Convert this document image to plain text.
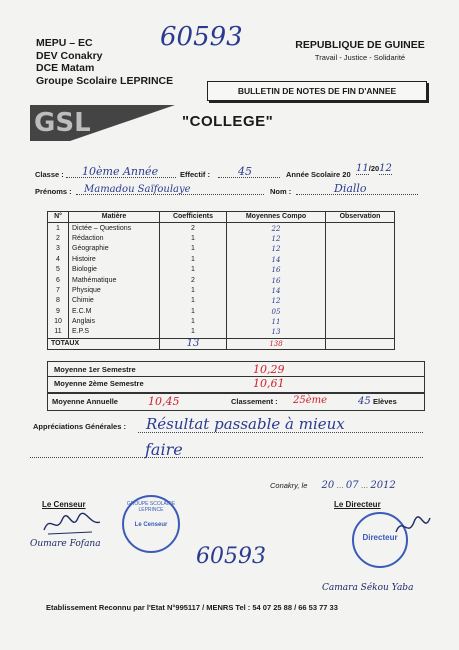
MEPU – EC
DEV Conakry
DCE Matam
Groupe Scolaire LEPRINCE
60593	REPUBLIQUE DE GUINEE
Travail - Justice - Solidarité
GSL
BULLETIN DE NOTES DE FIN D'ANNEE
"COLLEGE"
Classe :	10ème Année	Effectif :	45	Année Scolaire 20
11/2012
Prénoms :	Mamadou Saïfoulaye	Nom :	Diallo
N°	Matière	Coefficients	Moyennes Compo	Observation
1	Dictée – Questions	2	22	
2	Rédaction	1	12	
3	Géographie	1	12	
4	Histoire	1	14	
5	Biologie	1	16	
6	Mathématique	2	16	
7	Physique	1	14	
8	Chimie	1	12	
9	E.C.M	1	05	
10	Anglais	1	11	
11	E.P.S	1	13	
TOTAUX		13	138	
Moyenne 1er Semestre	10,29
Moyenne 2ème Semestre	10,61
Moyenne Annuelle	10,45	Classement : 25ème	45 Elèves
Appréciations Générales :	Résultat passable à mieux
faire
Conakry, le 20 … 07 … 2012
Le Censeur
Oumare Fofana
GROUPE SCOLAIRE LEPRINCE
Le Censeur
60593
Le Directeur
Directeur
Camara Sékou Yaba
Etablissement Reconnu par l'Etat N°995117 / MENRS Tel : 54 07 25 88 / 66 53 77 33
